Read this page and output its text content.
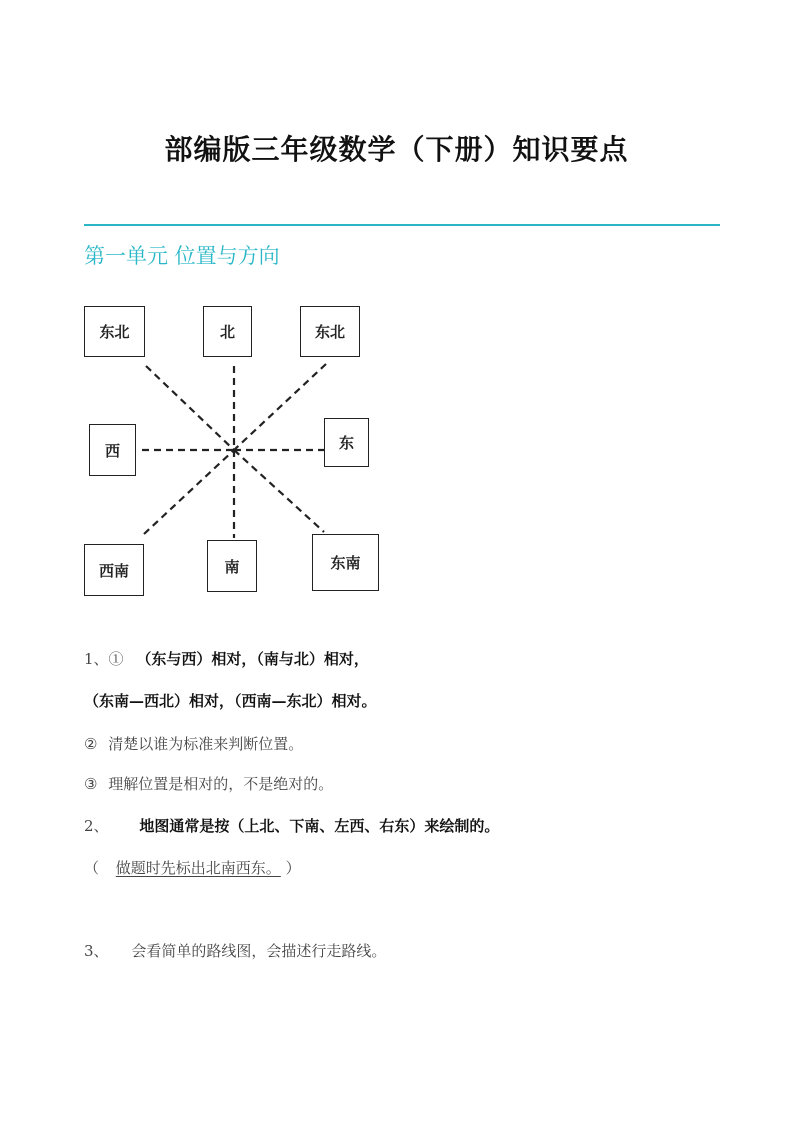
部编版三年级数学（下册）知识要点
第一单元 位置与方向
东北	北	东北
西	东
西南	南	东南
1、① （东与西）相对，（南与北）相对，
（东南—西北）相对，（西南—东北）相对。
② 清楚以谁为标准来判断位置。
③ 理解位置是相对的，不是绝对的。
2、 地图通常是按（上北、下南、左西、右东）来绘制的。
（ 做题时先标出北南西东。 ）
3、 会看简单的路线图，会描述行走路线。
